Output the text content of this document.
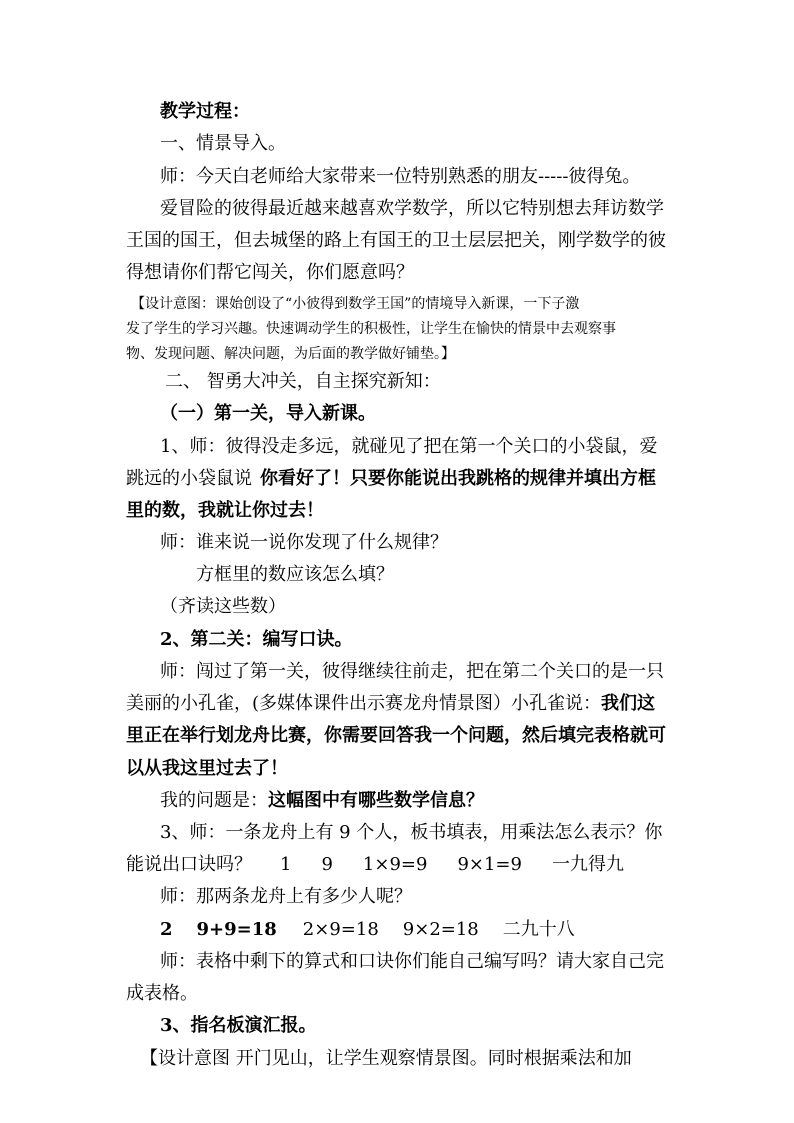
教学过程：
一、情景导入。
师：今天白老师给大家带来一位特别熟悉的朋友-----彼得兔。
爱冒险的彼得最近越来越喜欢学数学，所以它特别想去拜访数学
王国的国王，但去城堡的路上有国王的卫士层层把关，刚学数学的彼
得想请你们帮它闯关，你们愿意吗？
【设计意图：课始创设了“小彼得到数学王国”的情境导入新课，一下子激
发了学生的学习兴趣。快速调动学生的积极性，让学生在愉快的情景中去观察事
物、发现问题、解决问题，为后面的教学做好铺垫。】
二、 智勇大冲关，自主探究新知：
（一）第一关，导入新课。
1、师：彼得没走多远，就碰见了把在第一个关口的小袋鼠，爱
跳远的小袋鼠说 你看好了！只要你能说出我跳格的规律并填出方框
里的数，我就让你过去！
师：谁来说一说你发现了什么规律？
方框里的数应该怎么填？
（齐读这些数）
2、第二关：编写口诀。
师：闯过了第一关，彼得继续往前走，把在第二个关口的是一只
美丽的小孔雀，(多媒体课件出示赛龙舟情景图）小孔雀说：我们这
里正在举行划龙舟比赛，你需要回答我一个问题，然后填完表格就可
以从我这里过去了！
我的问题是：这幅图中有哪些数学信息？
3、师：一条龙舟上有 9 个人，板书填表，用乘法怎么表示？你
能说出口诀吗？ 1 9 1×9=9 9×1=9 一九得九
师：那两条龙舟上有多少人呢？
2 9+9=18 2×9=18 9×2=18 二九十八
师：表格中剩下的算式和口诀你们能自己编写吗？请大家自己完
成表格。
3、指名板演汇报。
【设计意图 开门见山，让学生观察情景图。同时根据乘法和加
